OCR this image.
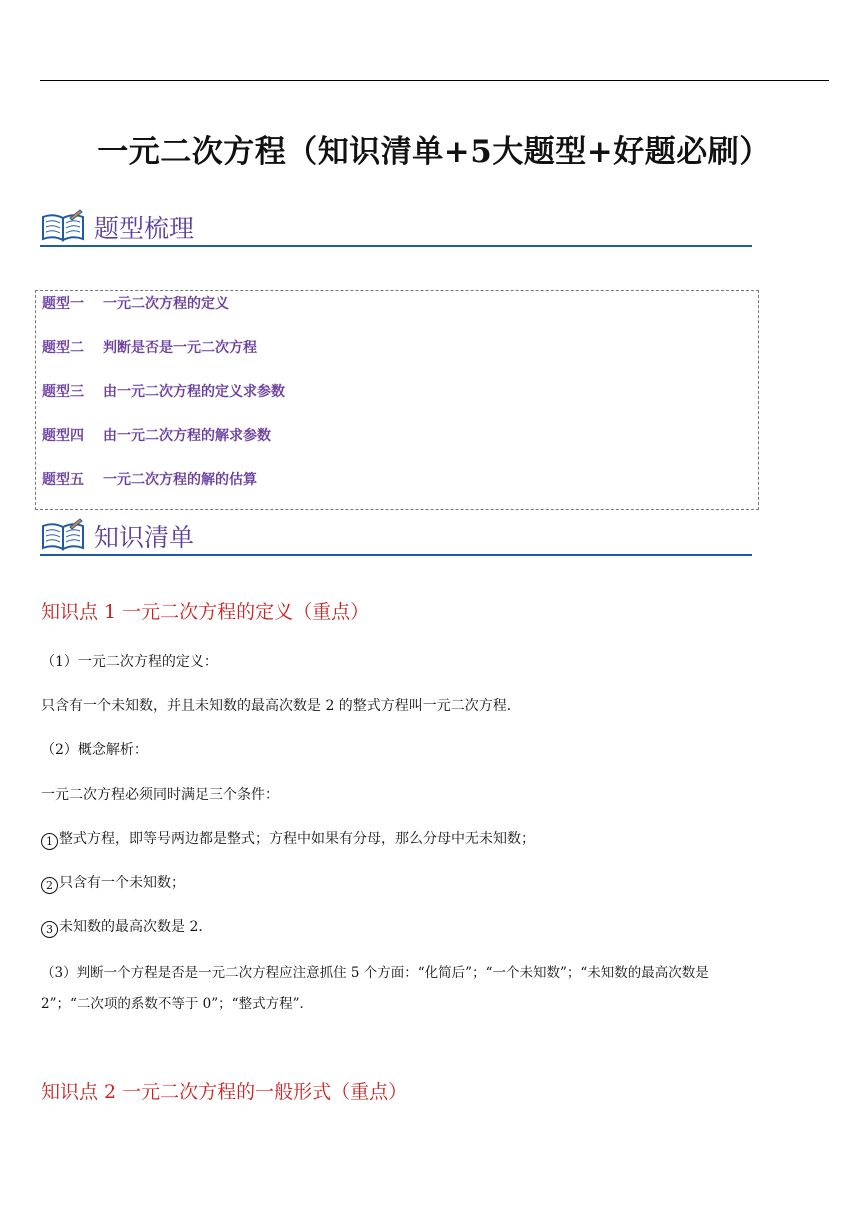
一元二次方程（知识清单+5大题型+好题必刷）
题型梳理
题型一 一元二次方程的定义
题型二 判断是否是一元二次方程
题型三 由一元二次方程的定义求参数
题型四 由一元二次方程的解求参数
题型五 一元二次方程的解的估算
知识清单
知识点 1 一元二次方程的定义（重点）
（1）一元二次方程的定义：
只含有一个未知数，并且未知数的最高次数是 2 的整式方程叫一元二次方程．
（2）概念解析：
一元二次方程必须同时满足三个条件：
1 整式方程，即等号两边都是整式；方程中如果有分母，那么分母中无未知数；
2 只含有一个未知数；
3 未知数的最高次数是 2．
（3）判断一个方程是否是一元二次方程应注意抓住 5 个方面：“化简后”；“一个未知数”；“未知数的最高次数是
2”；“二次项的系数不等于 0”；“整式方程”．
知识点 2 一元二次方程的一般形式（重点）
